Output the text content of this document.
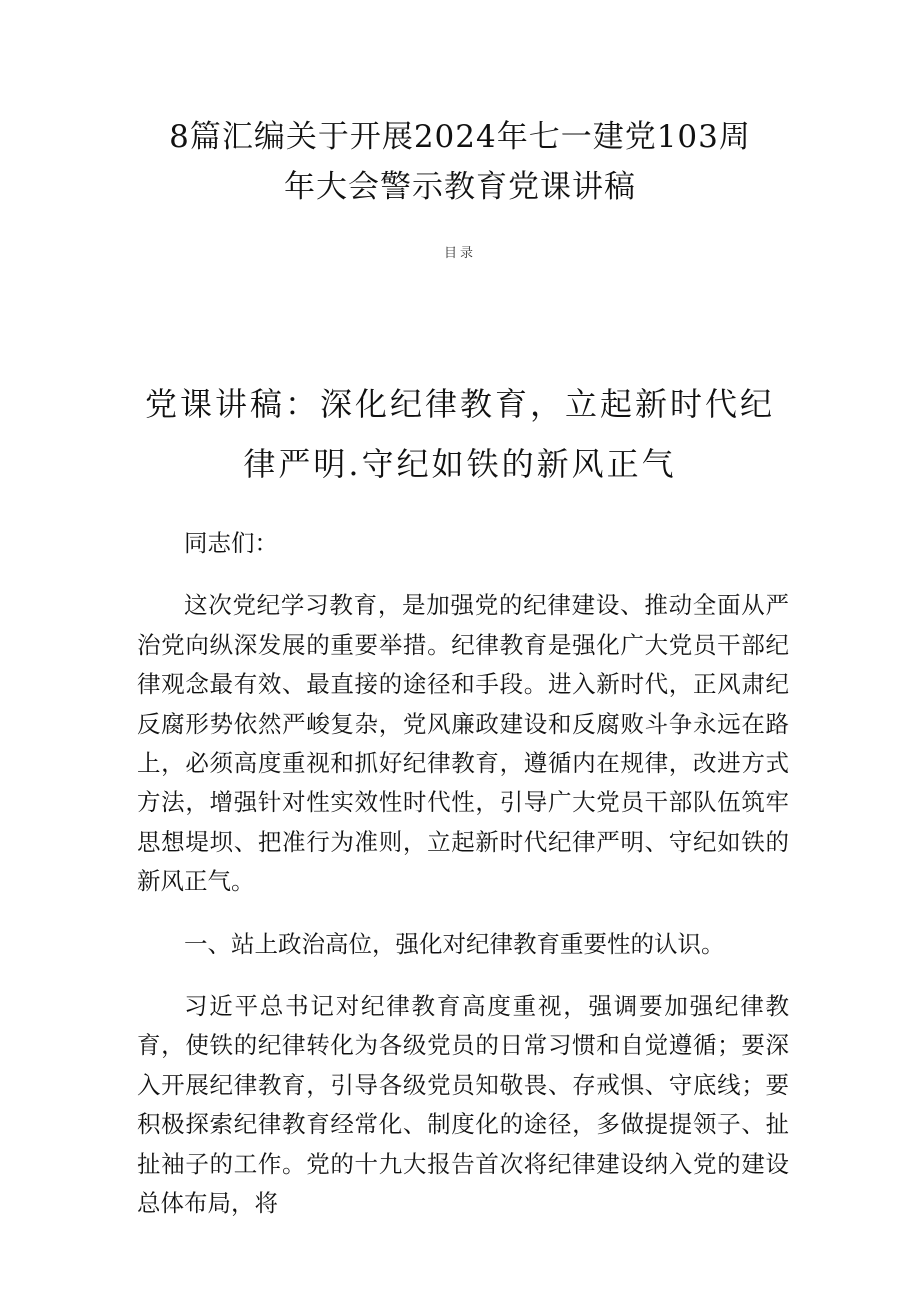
8篇汇编关于开展2024年七一建党103周
年大会警示教育党课讲稿
目录
党课讲稿：深化纪律教育，立起新时代纪
律严明.守纪如铁的新风正气

同志们：

这次党纪学习教育，是加强党的纪律建设、推动全面从严治党向纵深发展的重要举措。纪律教育是强化广大党员干部纪律观念最有效、最直接的途径和手段。进入新时代，正风肃纪反腐形势依然严峻复杂，党风廉政建设和反腐败斗争永远在路上，必须高度重视和抓好纪律教育，遵循内在规律，改进方式方法，增强针对性实效性时代性，引导广大党员干部队伍筑牢思想堤坝、把准行为准则，立起新时代纪律严明、守纪如铁的新风正气。

一、站上政治高位，强化对纪律教育重要性的认识。

习近平总书记对纪律教育高度重视，强调要加强纪律教育，使铁的纪律转化为各级党员的日常习惯和自觉遵循；要深入开展纪律教育，引导各级党员知敬畏、存戒惧、守底线；要积极探索纪律教育经常化、制度化的途径，多做提提领子、扯扯袖子的工作。党的十九大报告首次将纪律建设纳入党的建设总体布局，将
